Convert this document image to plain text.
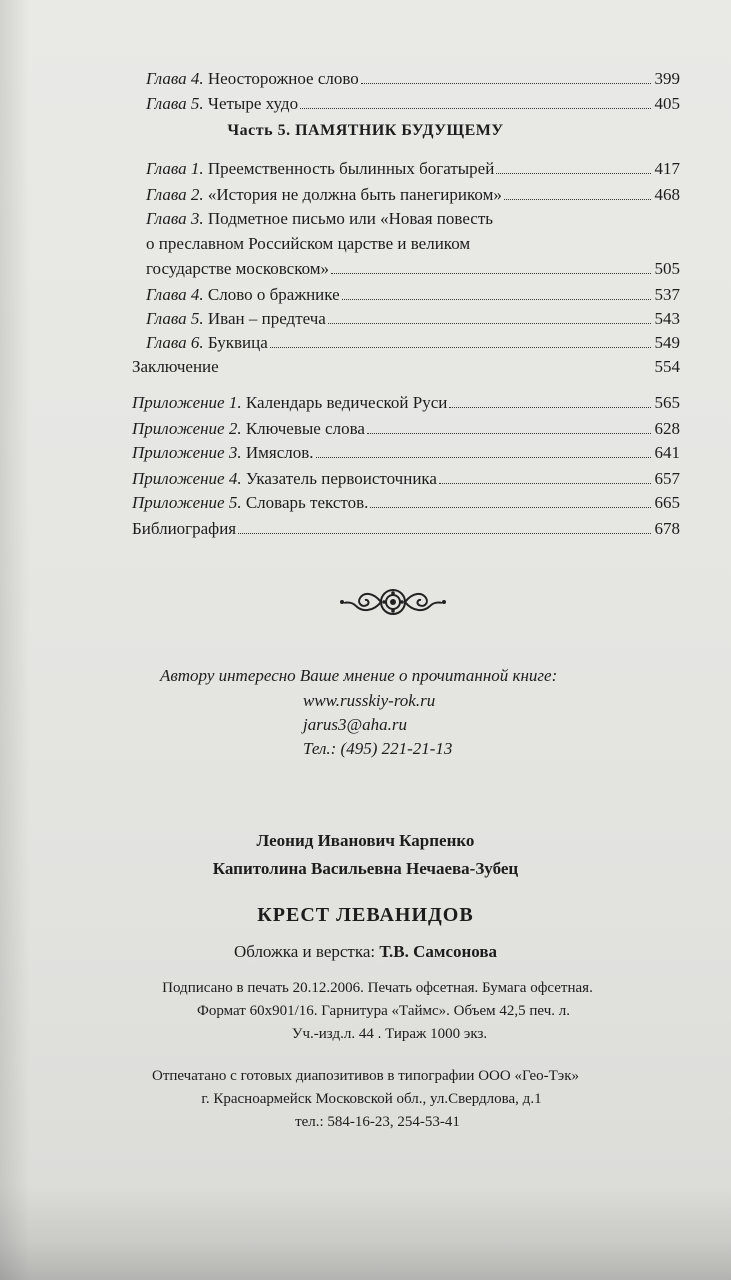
Глава 4. Неосторожное слово	399
Глава 5. Четыре худо	405
Часть 5. ПАМЯТНИК БУДУЩЕМУ
Глава 1. Преемственность былинных богатырей	417
Глава 2. «История не должна быть панегириком»	468
Глава 3. Подметное письмо или «Новая повесть
о преславном Российском царстве и великом
государстве московском»	505
Глава 4. Слово о бражнике	537
Глава 5. Иван – предтеча	543
Глава 6. Буквица	549
Заключение	554
Приложение 1. Календарь ведической Руси	565
Приложение 2. Ключевые слова	628
Приложение 3. Имяслов.	641
Приложение 4. Указатель первоисточника	657
Приложение 5. Словарь текстов.	665
Библиография	678
Автору интересно Ваше мнение о прочитанной книге:
www.russkiy-rok.ru
jarus3@aha.ru
Тел.: (495) 221-21-13
Леонид Иванович Карпенко
Капитолина Васильевна Нечаева-Зубец
КРЕСТ ЛЕВАНИДОВ
Обложка и верстка: Т.В. Самсонова
Подписано в печать 20.12.2006. Печать офсетная. Бумага офсетная.
Формат 60х901/16. Гарнитура «Таймс». Объем 42,5 печ. л.
Уч.-изд.л. 44 . Тираж 1000 экз.
Отпечатано с готовых диапозитивов в типографии ООО «Гео-Тэк»
г. Красноармейск Московской обл., ул.Свердлова, д.1
тел.: 584-16-23, 254-53-41
